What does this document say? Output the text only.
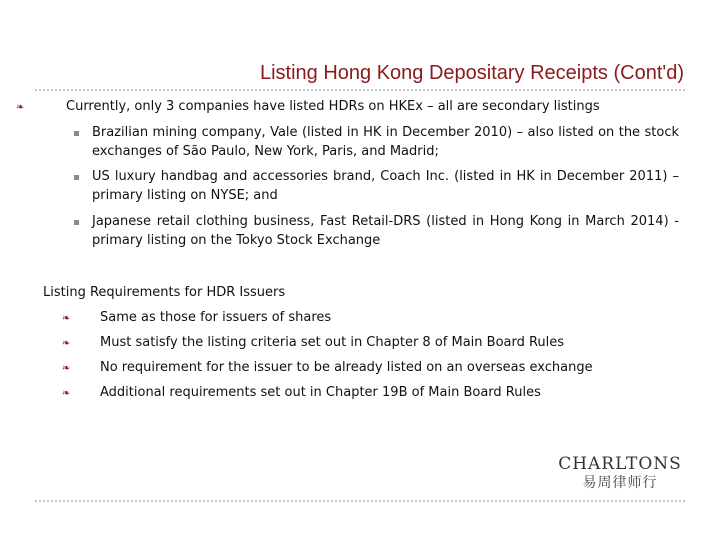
Listing Hong Kong Depositary Receipts (Cont'd)
❧	Currently, only 3 companies have listed HDRs on HKEx – all are secondary listings
Brazilian mining company, Vale (listed in HK in December 2010) – also listed on the stock exchanges of São Paulo, New York, Paris, and Madrid;
US luxury handbag and accessories brand, Coach Inc. (listed in HK in December 2011) – primary listing on NYSE; and
Japanese retail clothing business, Fast Retail-DRS (listed in Hong Kong in March 2014) - primary listing on the Tokyo Stock Exchange
Listing Requirements for HDR Issuers
❧ Same as those for issuers of shares
❧ Must satisfy the listing criteria set out in Chapter 8 of Main Board Rules
❧ No requirement for the issuer to be already listed on an overseas exchange
❧ Additional requirements set out in Chapter 19B of Main Board Rules
CHARLTONS
易周律师行
